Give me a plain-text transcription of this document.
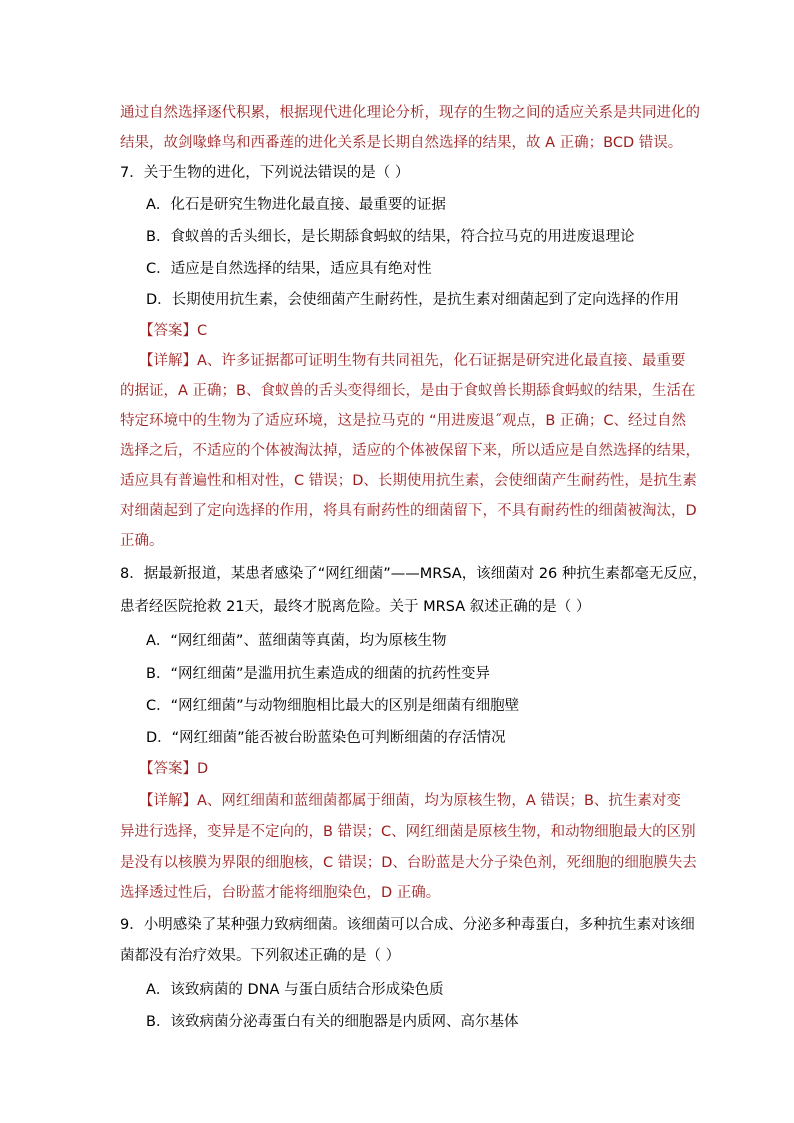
通过自然选择逐代积累，根据现代进化理论分析，现存的生物之间的适应关系是共同进化的
结果，故剑喙蜂鸟和西番莲的进化关系是长期自然选择的结果，故 A 正确；BCD 错误。
7．关于生物的进化，下列说法错误的是（ ）
A．化石是研究生物进化最直接、最重要的证据
B．食蚁兽的舌头细长，是长期舔食蚂蚁的结果，符合拉马克的用进废退理论
C．适应是自然选择的结果，适应具有绝对性
D．长期使用抗生素，会使细菌产生耐药性，是抗生素对细菌起到了定向选择的作用
【答案】C
【详解】A、许多证据都可证明生物有共同祖先，化石证据是研究进化最直接、最重要
的据证，A 正确；B、食蚁兽的舌头变得细长，是由于食蚁兽长期舔食蚂蚁的结果，生活在
特定环境中的生物为了适应环境，这是拉马克的 “用进废退˝观点，B 正确；C、经过自然
选择之后，不适应的个体被淘汰掉，适应的个体被保留下来，所以适应是自然选择的结果，
适应具有普遍性和相对性，C 错误；D、长期使用抗生素，会使细菌产生耐药性，是抗生素
对细菌起到了定向选择的作用，将具有耐药性的细菌留下，不具有耐药性的细菌被淘汰，D
正确。
8．据最新报道，某患者感染了“网红细菌”——MRSA，该细菌对 26 种抗生素都毫无反应，
患者经医院抢救 21天，最终才脱离危险。关于 MRSA 叙述正确的是（ ）
A．“网红细菌”、蓝细菌等真菌，均为原核生物
B．“网红细菌”是滥用抗生素造成的细菌的抗药性变异
C．“网红细菌”与动物细胞相比最大的区别是细菌有细胞壁
D．“网红细菌”能否被台盼蓝染色可判断细菌的存活情况
【答案】D
【详解】A、网红细菌和蓝细菌都属于细菌，均为原核生物，A 错误；B、抗生素对变
异进行选择，变异是不定向的，B 错误；C、网红细菌是原核生物，和动物细胞最大的区别
是没有以核膜为界限的细胞核，C 错误；D、台盼蓝是大分子染色剂，死细胞的细胞膜失去
选择透过性后，台盼蓝才能将细胞染色，D 正确。
9．小明感染了某种强力致病细菌。该细菌可以合成、分泌多种毒蛋白，多种抗生素对该细
菌都没有治疗效果。下列叙述正确的是（ ）
A．该致病菌的 DNA 与蛋白质结合形成染色质
B．该致病菌分泌毒蛋白有关的细胞器是内质网、高尔基体
